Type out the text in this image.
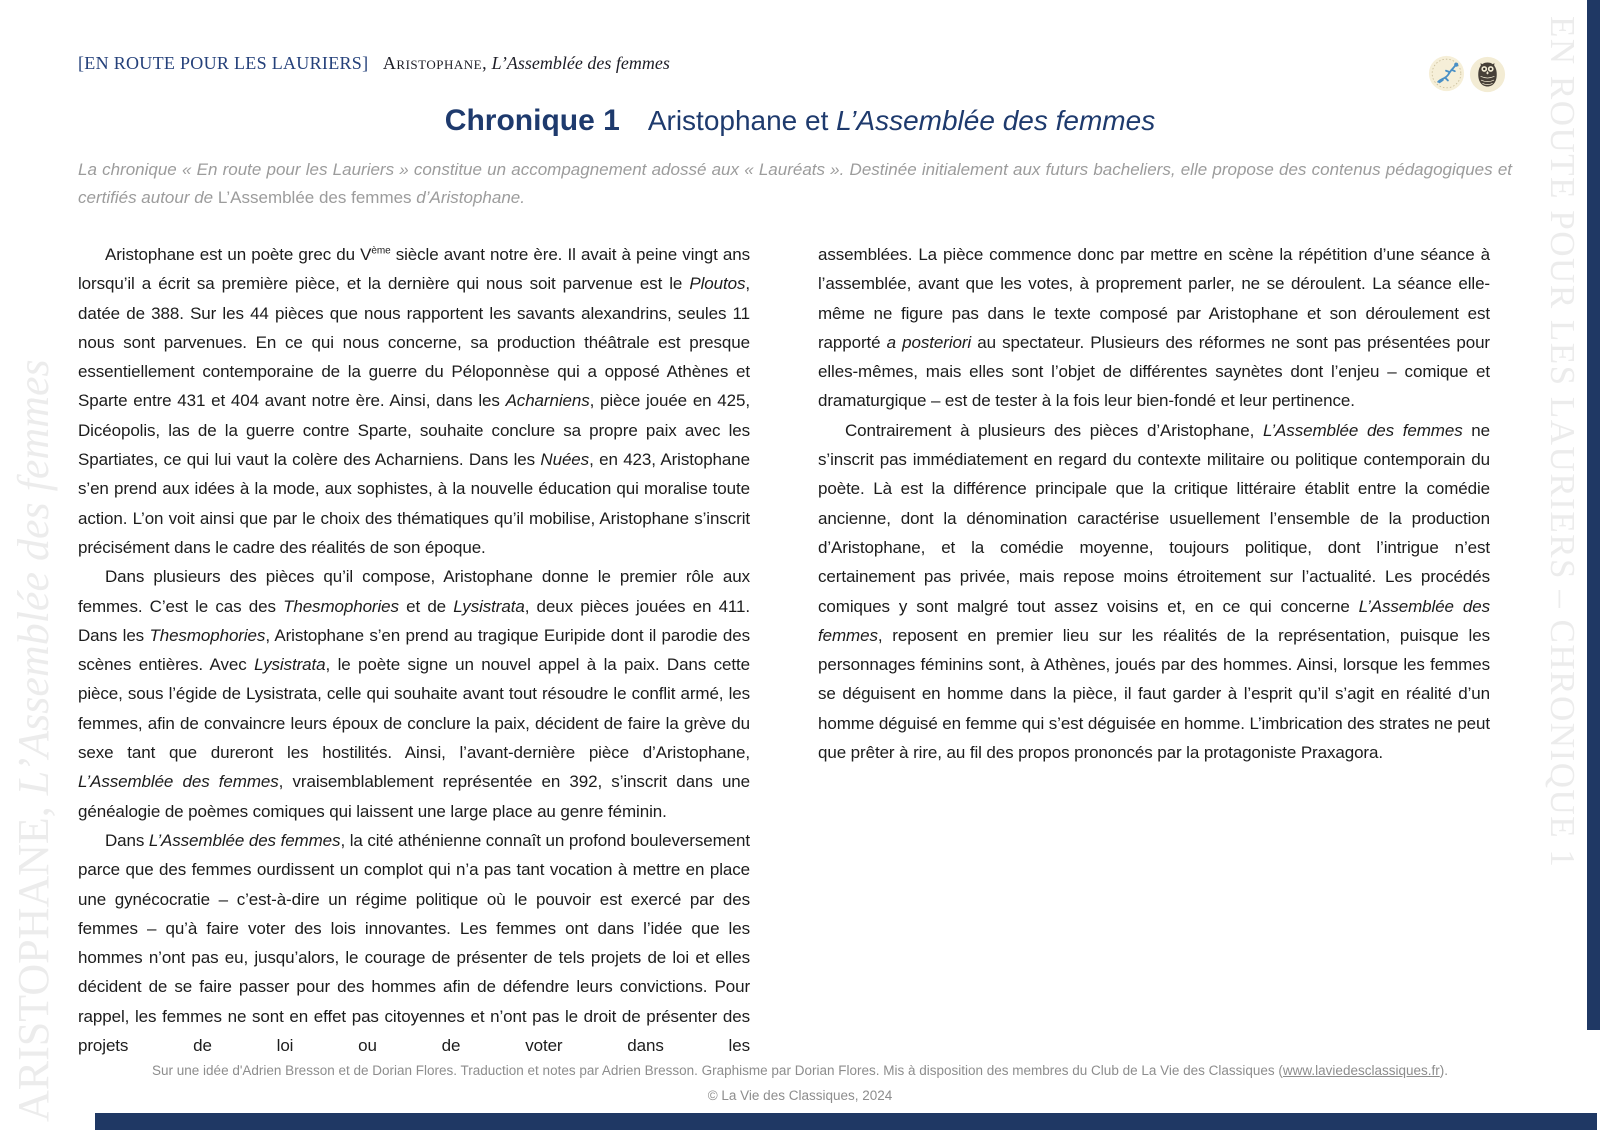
ARISTOPHANE, L’Assemblée des femmes	EN ROUTE POUR LES LAURIERS – CHRONIQUE 1
[EN ROUTE POUR LES LAURIERS] Aristophane, L’Assemblée des femmes
Chronique 1 Aristophane et L’Assemblée des femmes

La chronique « En route pour les Lauriers » constitue un accompagnement adossé aux « Lauréats ». Destinée initialement aux futurs bacheliers, elle propose des contenus pédagogiques et certifiés autour de L’Assemblée des femmes d’Aristophane.

Aristophane est un poète grec du Vème siècle avant notre ère. Il avait à peine vingt ans lorsqu’il a écrit sa première pièce, et la dernière qui nous soit parvenue est le Ploutos, datée de 388. Sur les 44 pièces que nous rapportent les savants alexandrins, seules 11 nous sont parvenues. En ce qui nous concerne, sa production théâtrale est presque essentiellement contemporaine de la guerre du Péloponnèse qui a opposé Athènes et Sparte entre 431 et 404 avant notre ère. Ainsi, dans les Acharniens, pièce jouée en 425, Dicéopolis, las de la guerre contre Sparte, souhaite conclure sa propre paix avec les Spartiates, ce qui lui vaut la colère des Acharniens. Dans les Nuées, en 423, Aristophane s’en prend aux idées à la mode, aux sophistes, à la nouvelle éducation qui moralise toute action. L’on voit ainsi que par le choix des thématiques qu’il mobilise, Aristophane s’inscrit précisément dans le cadre des réalités de son époque.

Dans plusieurs des pièces qu’il compose, Aristophane donne le premier rôle aux femmes. C’est le cas des Thesmophories et de Lysistrata, deux pièces jouées en 411. Dans les Thesmophories, Aristophane s’en prend au tragique Euripide dont il parodie des scènes entières. Avec Lysistrata, le poète signe un nouvel appel à la paix. Dans cette pièce, sous l’égide de Lysistrata, celle qui souhaite avant tout résoudre le conflit armé, les femmes, afin de convaincre leurs époux de conclure la paix, décident de faire la grève du sexe tant que dureront les hostilités. Ainsi, l’avant-dernière pièce d’Aristophane, L’Assemblée des femmes, vraisemblablement représentée en 392, s’inscrit dans une généalogie de poèmes comiques qui laissent une large place au genre féminin.

Dans L’Assemblée des femmes, la cité athénienne connaît un profond bouleversement parce que des femmes ourdissent un complot qui n’a pas tant vocation à mettre en place une gynécocratie – c’est-à-dire un régime politique où le pouvoir est exercé par des femmes – qu’à faire voter des lois innovantes. Les femmes ont dans l’idée que les hommes n’ont pas eu, jusqu’alors, le courage de présenter de tels projets de loi et elles décident de se faire passer pour des hommes afin de défendre leurs convictions. Pour rappel, les femmes ne sont en effet pas citoyennes et n’ont pas le droit de présenter des projets de loi ou de voter dans les

assemblées. La pièce commence donc par mettre en scène la répétition d’une séance à l’assemblée, avant que les votes, à proprement parler, ne se déroulent. La séance elle-même ne figure pas dans le texte composé par Aristophane et son déroulement est rapporté a posteriori au spectateur. Plusieurs des réformes ne sont pas présentées pour elles-mêmes, mais elles sont l’objet de différentes saynètes dont l’enjeu – comique et dramaturgique – est de tester à la fois leur bien-fondé et leur pertinence.

Contrairement à plusieurs des pièces d’Aristophane, L’Assemblée des femmes ne s’inscrit pas immédiatement en regard du contexte militaire ou politique contemporain du poète. Là est la différence principale que la critique littéraire établit entre la comédie ancienne, dont la dénomination caractérise usuellement l’ensemble de la production d’Aristophane, et la comédie moyenne, toujours politique, dont l’intrigue n’est certainement pas privée, mais repose moins étroitement sur l’actualité. Les procédés comiques y sont malgré tout assez voisins et, en ce qui concerne L’Assemblée des femmes, reposent en premier lieu sur les réalités de la représentation, puisque les personnages féminins sont, à Athènes, joués par des hommes. Ainsi, lorsque les femmes se déguisent en homme dans la pièce, il faut garder à l’esprit qu’il s’agit en réalité d’un homme déguisé en femme qui s’est déguisée en homme. L’imbrication des strates ne peut que prêter à rire, au fil des propos prononcés par la protagoniste Praxagora.

Sur une idée d'Adrien Bresson et de Dorian Flores. Traduction et notes par Adrien Bresson. Graphisme par Dorian Flores. Mis à disposition des membres du Club de La Vie des Classiques (www.laviedesclassiques.fr).

© La Vie des Classiques, 2024
